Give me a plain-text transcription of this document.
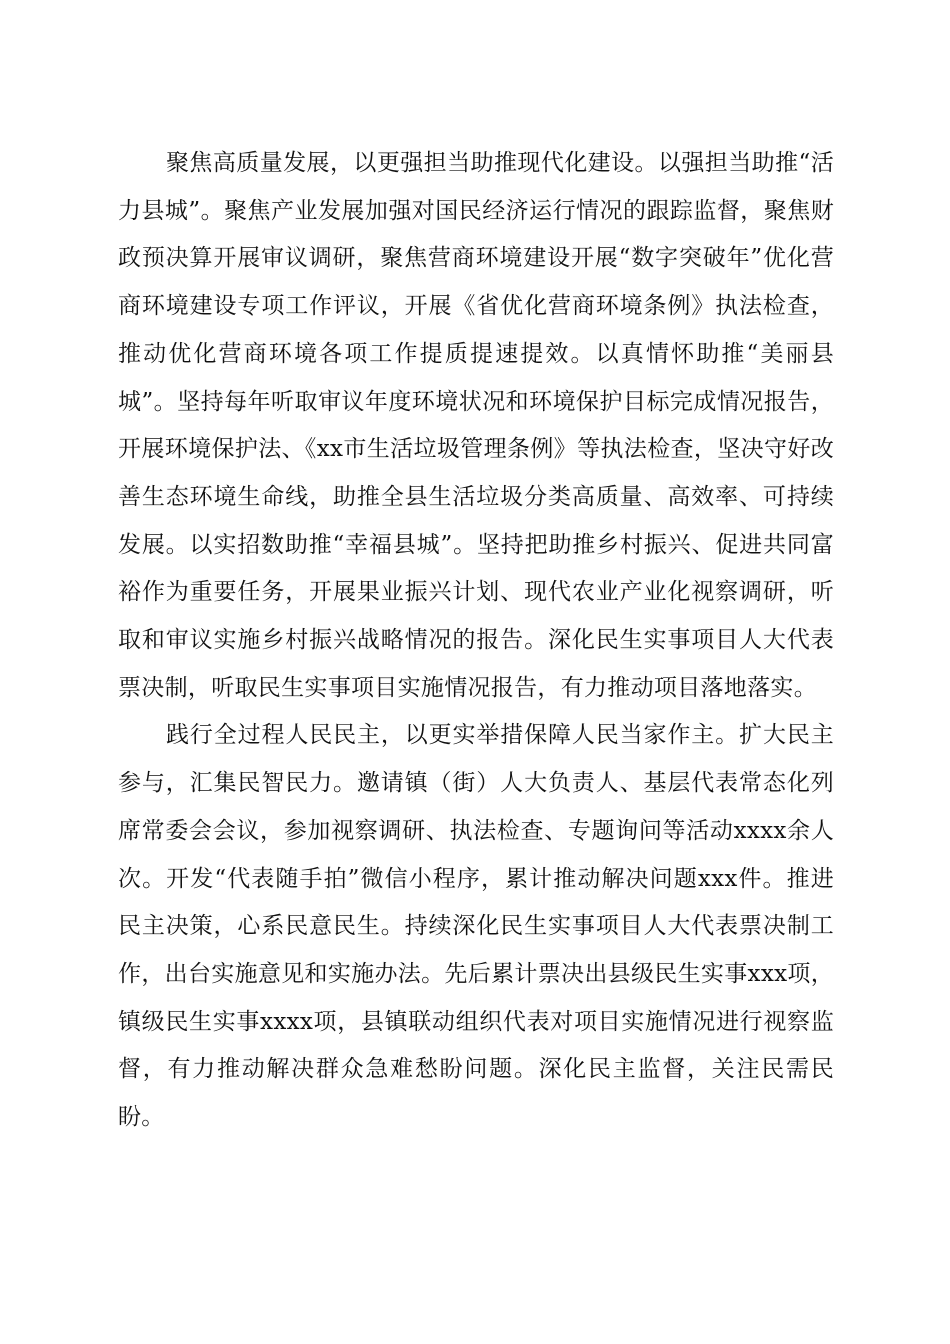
聚焦高质量发展，以更强担当助推现代化建设。以强担当助推“活力县城”。聚焦产业发展加强对国民经济运行情况的跟踪监督，聚焦财政预决算开展审议调研，聚焦营商环境建设开展“数字突破年”优化营商环境建设专项工作评议，开展《省优化营商环境条例》执法检查，推动优化营商环境各项工作提质提速提效。以真情怀助推“美丽县城”。坚持每年听取审议年度环境状况和环境保护目标完成情况报告，开展环境保护法、《xx市生活垃圾管理条例》等执法检查，坚决守好改善生态环境生命线，助推全县生活垃圾分类高质量、高效率、可持续发展。以实招数助推“幸福县城”。坚持把助推乡村振兴、促进共同富裕作为重要任务，开展果业振兴计划、现代农业产业化视察调研，听取和审议实施乡村振兴战略情况的报告。深化民生实事项目人大代表票决制，听取民生实事项目实施情况报告，有力推动项目落地落实。

践行全过程人民民主，以更实举措保障人民当家作主。扩大民主参与，汇集民智民力。邀请镇（街）人大负责人、基层代表常态化列席常委会会议，参加视察调研、执法检查、专题询问等活动xxxx余人次。开发“代表随手拍”微信小程序，累计推动解决问题xxx件。推进民主决策，心系民意民生。持续深化民生实事项目人大代表票决制工作，出台实施意见和实施办法。先后累计票决出县级民生实事xxx项，镇级民生实事xxxx项，县镇联动组织代表对项目实施情况进行视察监督，有力推动解决群众急难愁盼问题。深化民主监督，关注民需民盼。
